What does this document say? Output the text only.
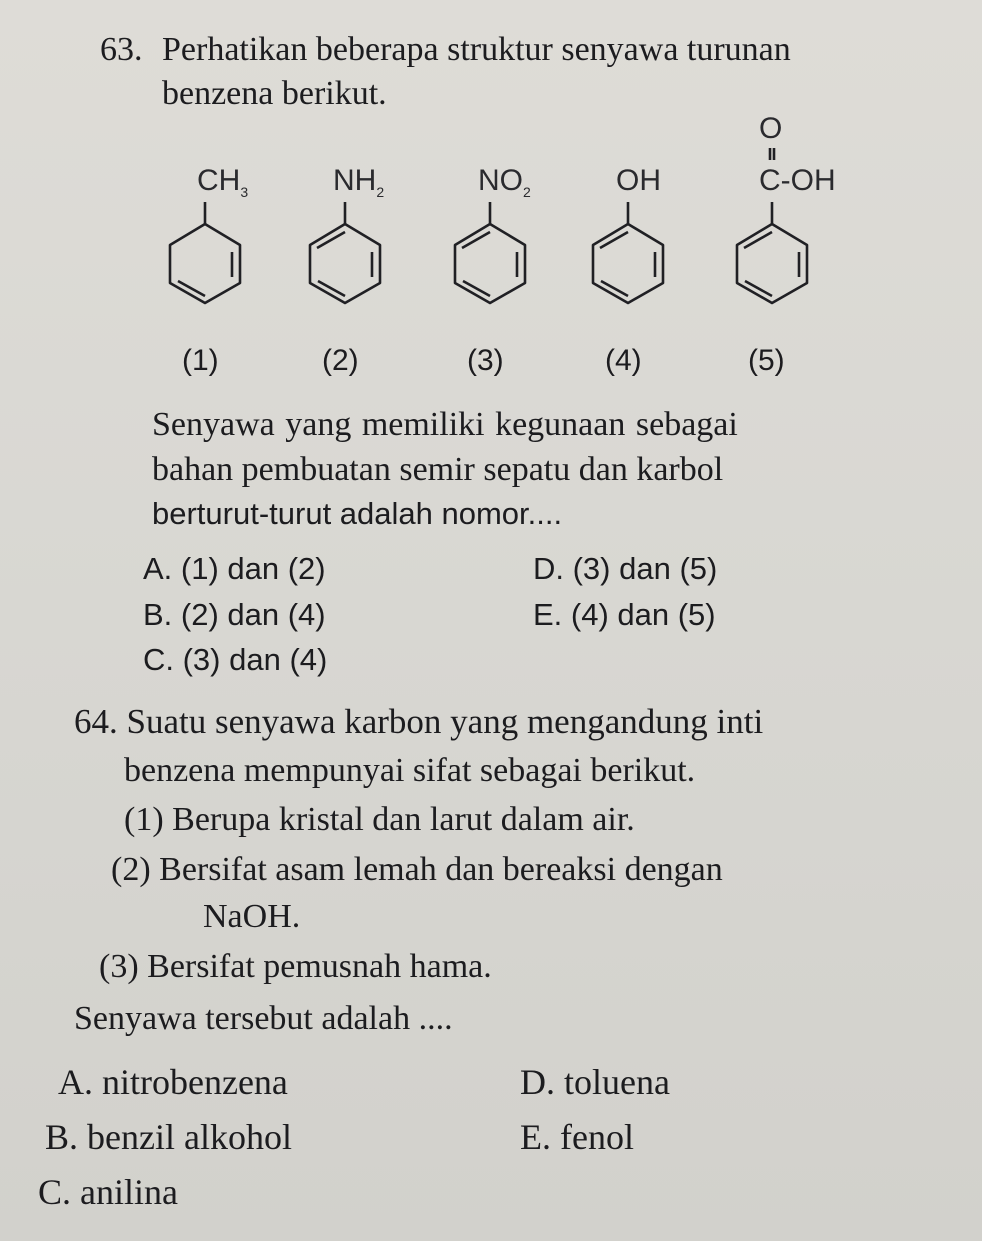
63. Perhatikan beberapa struktur senyawa turunan
benzena berikut.
$CH_3$	$NH_2$	$NO_2$	OH
O
C-OH
(1)	(2)	(3)	(4)	(5)
Senyawa yang memiliki kegunaan sebagai
bahan pembuatan semir sepatu dan karbol
berturut-turut adalah nomor....
A. (1) dan (2)
B. (2) dan (4)
C. (3) dan (4)
D. (3) dan (5)
E. (4) dan (5)
64. Suatu senyawa karbon yang mengandung inti
benzena mempunyai sifat sebagai berikut.
(1) Berupa kristal dan larut dalam air.
(2) Bersifat asam lemah dan bereaksi dengan
NaOH.
(3) Bersifat pemusnah hama.
Senyawa tersebut adalah ....
A. nitrobenzena
B. benzil alkohol
C. anilina
D. toluena
E. fenol
